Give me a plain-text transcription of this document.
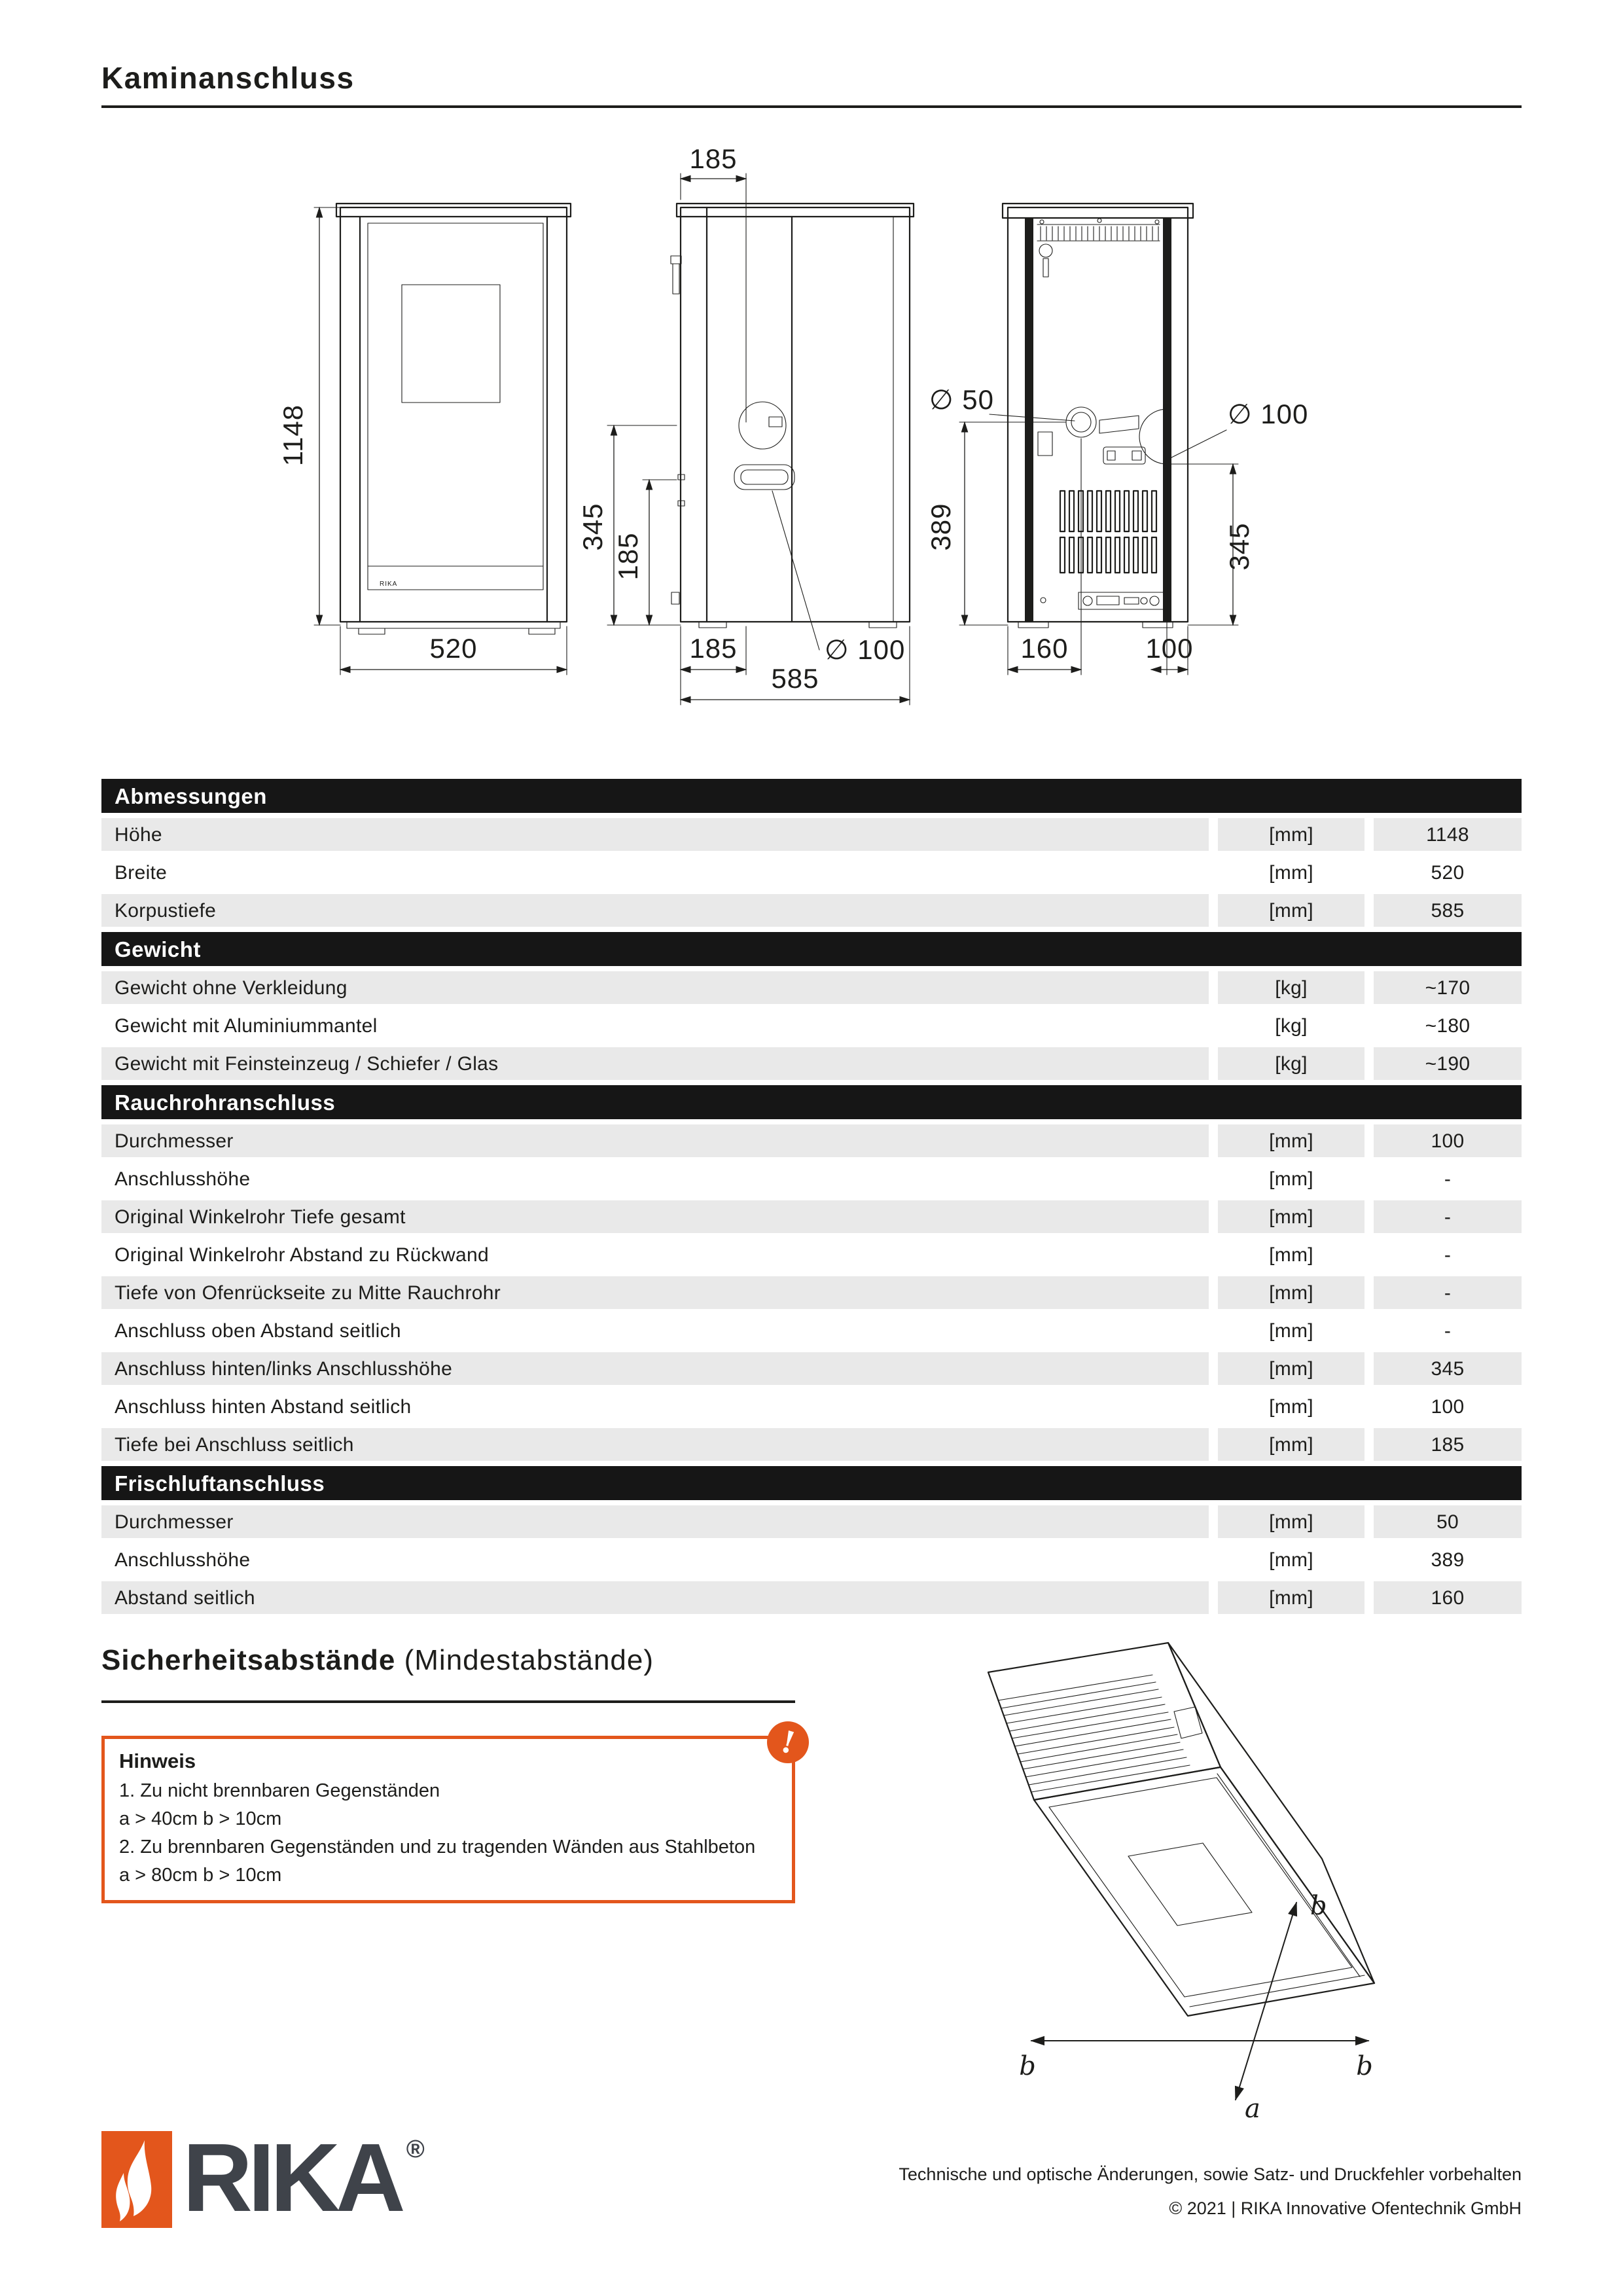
Kaminanschluss
RIKA
1148
520
185
345
185
185	∅ 100
585
∅ 50	∅ 100
389	345
160	100
Abmessungen
Höhe	[mm]	1148
Breite	[mm]	520
Korpustiefe	[mm]	585
Gewicht
Gewicht ohne Verkleidung	[kg]	~170
Gewicht mit Aluminiummantel	[kg]	~180
Gewicht mit Feinsteinzeug / Schiefer / Glas	[kg]	~190
Rauchrohranschluss
Durchmesser	[mm]	100
Anschlusshöhe	[mm]	-
Original Winkelrohr Tiefe gesamt	[mm]	-
Original Winkelrohr Abstand zu Rückwand	[mm]	-
Tiefe von Ofenrückseite zu Mitte Rauchrohr	[mm]	-
Anschluss oben Abstand seitlich	[mm]	-
Anschluss hinten/links Anschlusshöhe	[mm]	345
Anschluss hinten Abstand seitlich	[mm]	100
Tiefe bei Anschluss seitlich	[mm]	185
Frischluftanschluss
Durchmesser	[mm]	50
Anschlusshöhe	[mm]	389
Abstand seitlich	[mm]	160
Sicherheitsabstände (Mindestabstände)
!
Hinweis
1. Zu nicht brennbaren Gegenständen
a > 40cm b > 10cm
2. Zu brennbaren Gegenständen und zu tragenden Wänden aus Stahlbeton
a > 80cm b > 10cm
b	b
b
a
RIKA ®
Technische und optische Änderungen, sowie Satz- und Druckfehler vorbehalten
© 2021 | RIKA Innovative Ofentechnik GmbH
